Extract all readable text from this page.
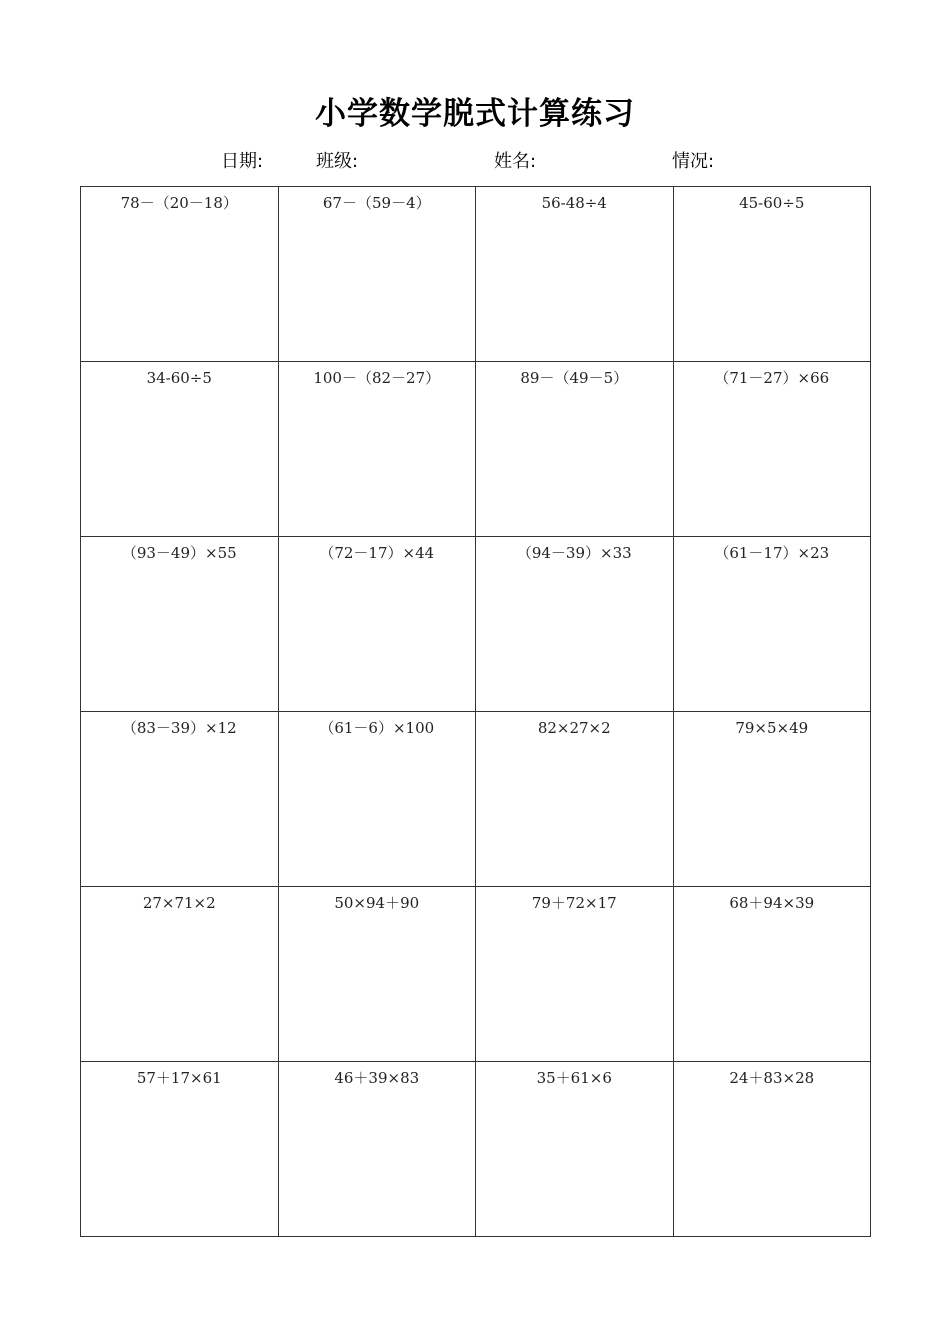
小学数学脱式计算练习
日期:	班级:	姓名:	情况:
78－（20－18）	67－（59－4）	56-48÷4	45-60÷5
34-60÷5	100－（82－27）	89－（49－5）	（71－27）×66
（93－49）×55	（72－17）×44	（94－39）×33	（61－17）×23
（83－39）×12	（61－6）×100	82×27×2	79×5×49
27×71×2	50×94＋90	79＋72×17	68＋94×39
57＋17×61	46＋39×83	35＋61×6	24＋83×28
